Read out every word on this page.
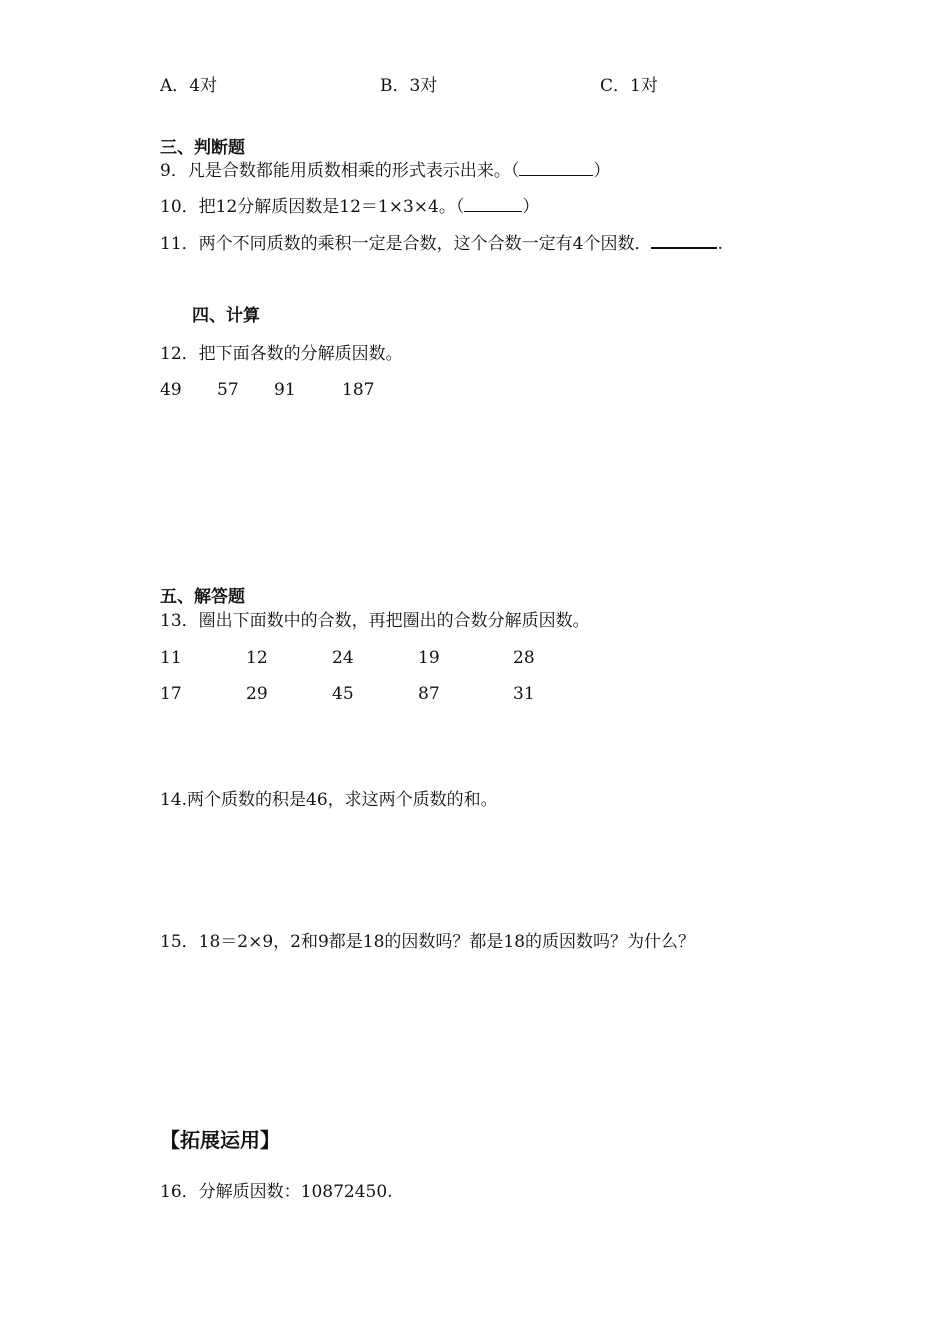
A．4对	B．3对	C．1对
三、判断题
9．凡是合数都能用质数相乘的形式表示出来。（	）
10．把12分解质因数是12＝1×3×4。（	）
11．两个不同质数的乘积一定是合数，这个合数一定有4个因数．	.
四、计算
12．把下面各数的分解质因数。
49 57 91	187
五、解答题
13．圈出下面数中的合数，再把圈出的合数分解质因数。
11	12	24	19	28
17	29	45	87	31
14.两个质数的积是46，求这两个质数的和。
15．18＝2×9，2和9都是18的因数吗？都是18的质因数吗？为什么？
【拓展运用】
16．分解质因数：10872450.
